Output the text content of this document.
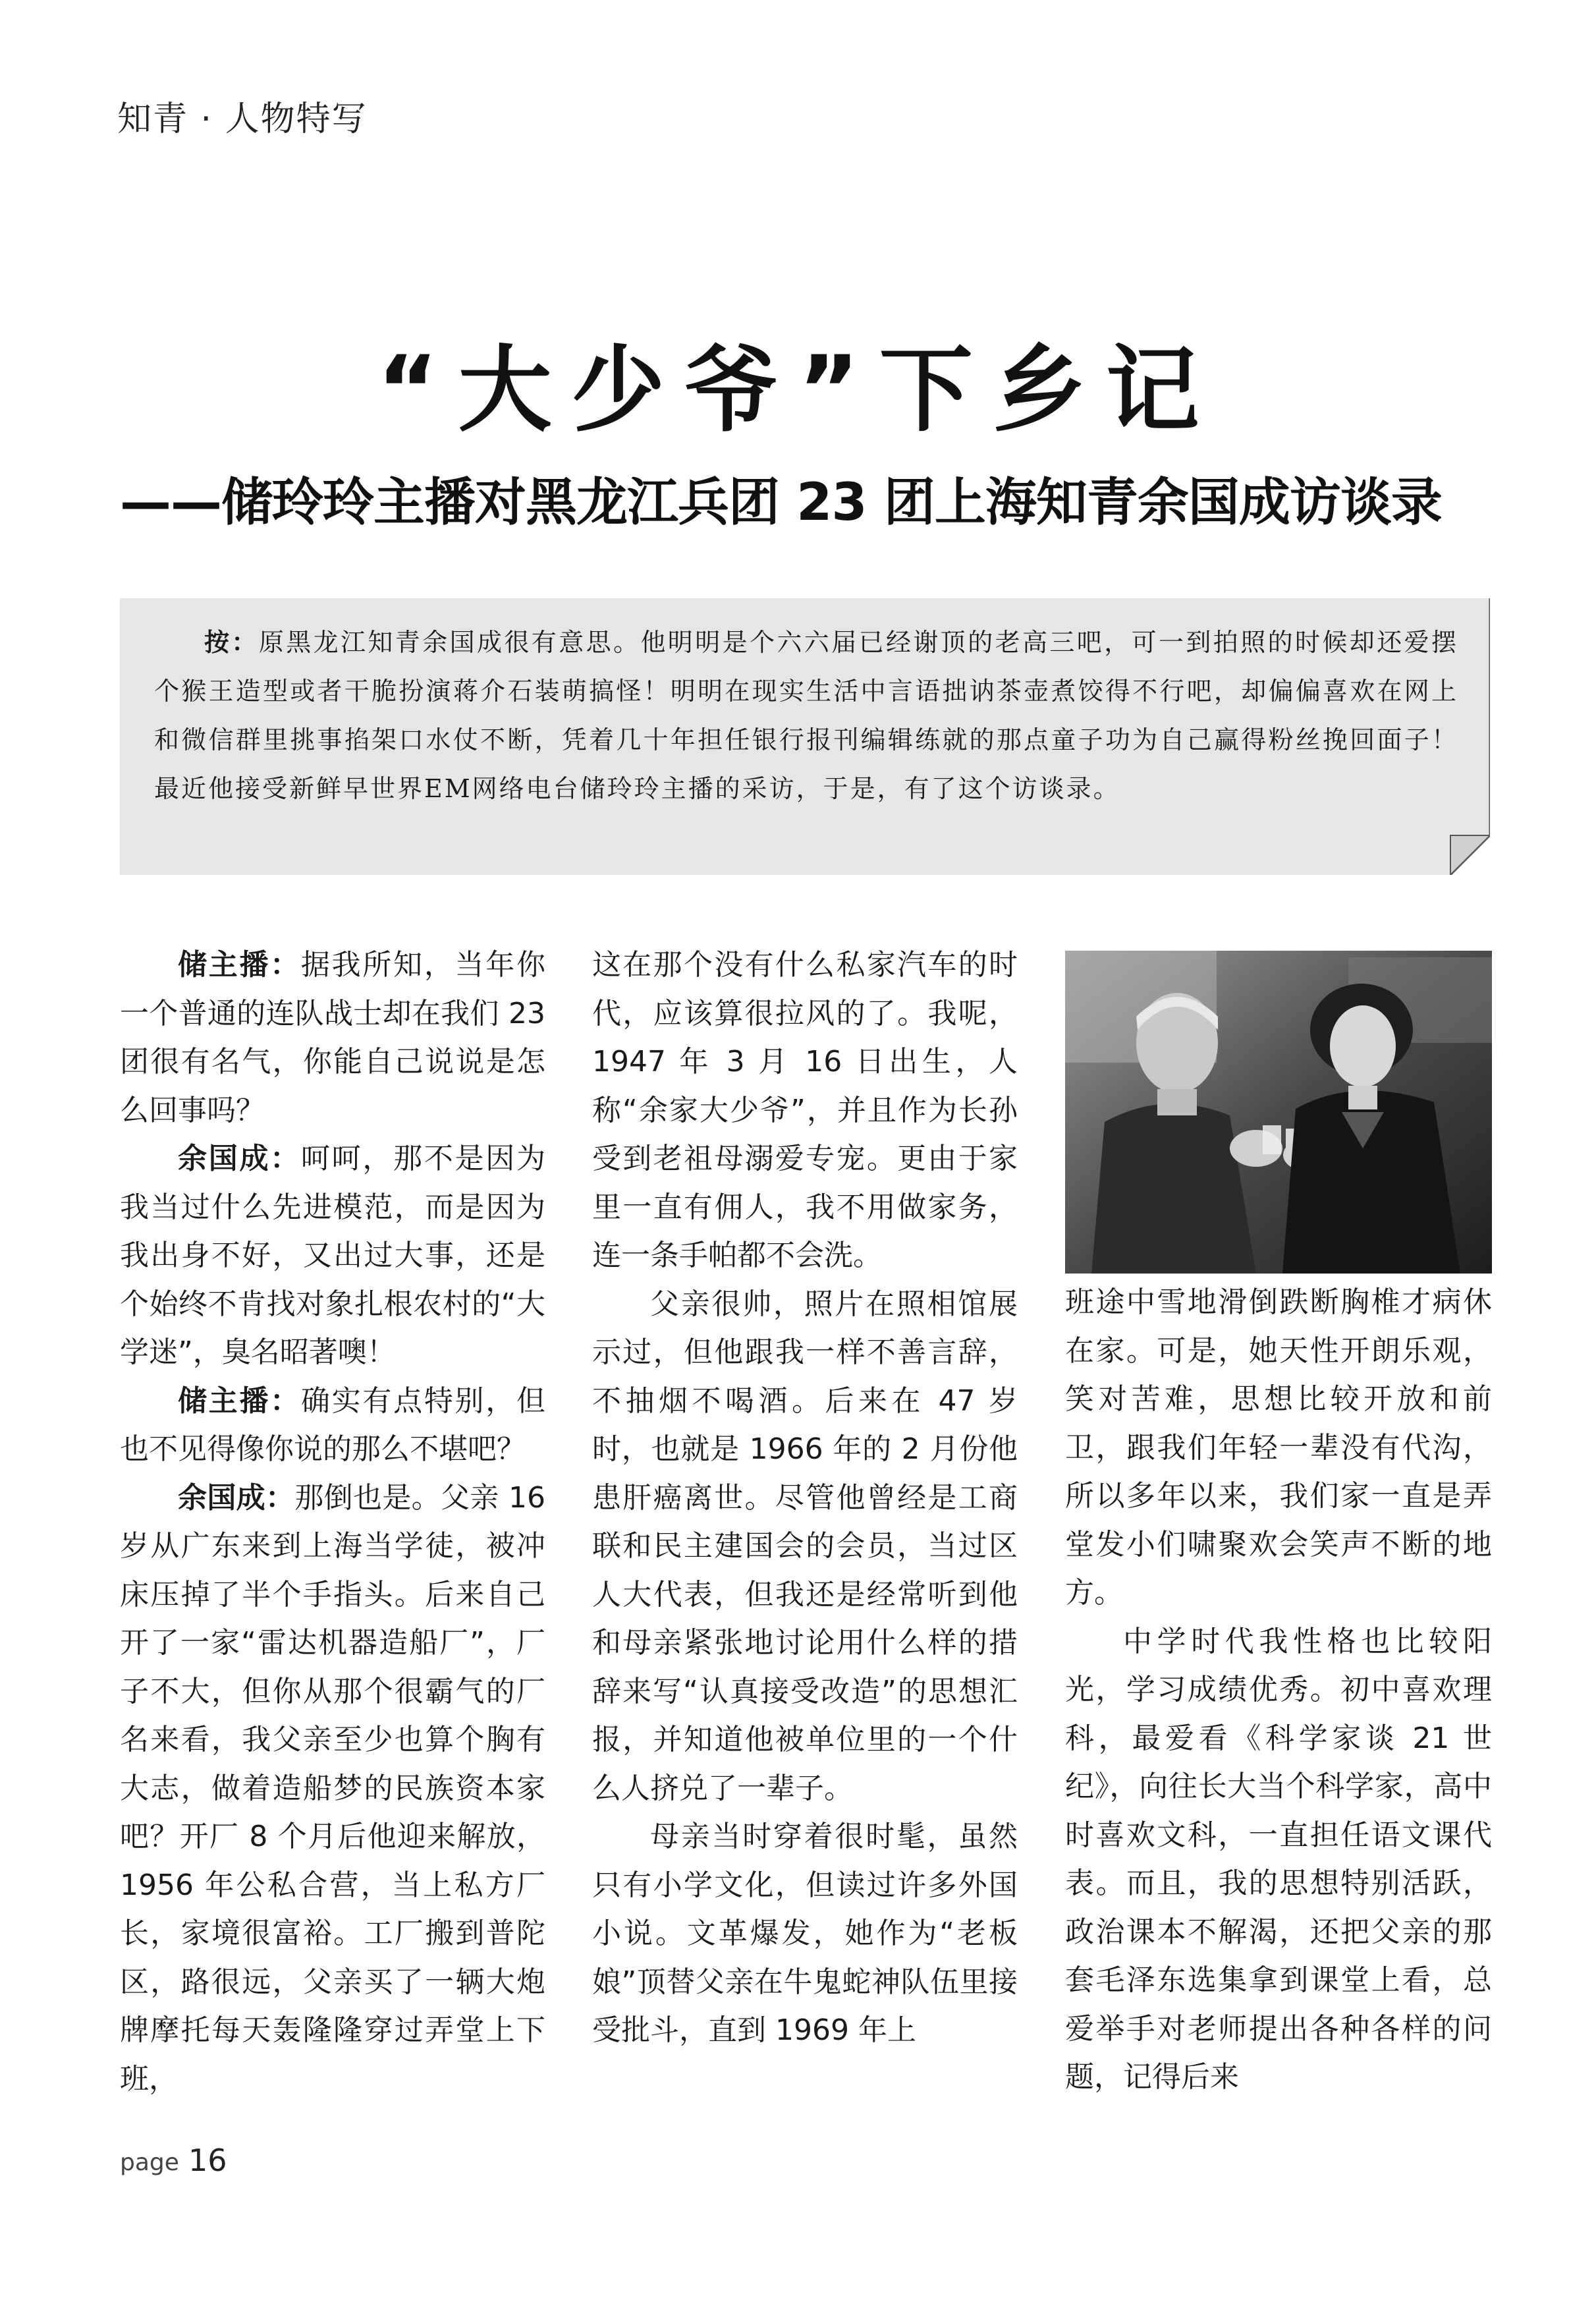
知青 · 人物特写
“大少爷”下乡记
——储玲玲主播对黑龙江兵团 23 团上海知青余国成访谈录
按：原黑龙江知青余国成很有意思。他明明是个六六届已经谢顶的老高三吧，可一到拍照的时候却还爱摆个猴王造型或者干脆扮演蒋介石装萌搞怪！明明在现实生活中言语拙讷茶壶煮饺得不行吧，却偏偏喜欢在网上和微信群里挑事掐架口水仗不断，凭着几十年担任银行报刊编辑练就的那点童子功为自己赢得粉丝挽回面子！最近他接受新鲜早世界EM网络电台储玲玲主播的采访，于是，有了这个访谈录。

储主播：据我所知，当年你一个普通的连队战士却在我们 23 团很有名气，你能自己说说是怎么回事吗？

余国成：呵呵，那不是因为我当过什么先进模范，而是因为我出身不好，又出过大事，还是个始终不肯找对象扎根农村的“大学迷”，臭名昭著噢！

储主播：确实有点特别，但也不见得像你说的那么不堪吧？

余国成：那倒也是。父亲 16 岁从广东来到上海当学徒，被冲床压掉了半个手指头。后来自己开了一家“雷达机器造船厂”，厂子不大，但你从那个很霸气的厂名来看，我父亲至少也算个胸有大志，做着造船梦的民族资本家吧？开厂 8 个月后他迎来解放，1956 年公私合营，当上私方厂长，家境很富裕。工厂搬到普陀区，路很远，父亲买了一辆大炮牌摩托每天轰隆隆穿过弄堂上下班，

这在那个没有什么私家汽车的时代，应该算很拉风的了。我呢，1947 年 3 月 16 日出生，人称“余家大少爷”，并且作为长孙受到老祖母溺爱专宠。更由于家里一直有佣人，我不用做家务，连一条手帕都不会洗。

父亲很帅，照片在照相馆展示过，但他跟我一样不善言辞，不抽烟不喝酒。后来在 47 岁时，也就是 1966 年的 2 月份他患肝癌离世。尽管他曾经是工商联和民主建国会的会员，当过区人大代表，但我还是经常听到他和母亲紧张地讨论用什么样的措辞来写“认真接受改造”的思想汇报，并知道他被单位里的一个什么人挤兑了一辈子。

母亲当时穿着很时髦，虽然只有小学文化，但读过许多外国小说。文革爆发，她作为“老板娘”顶替父亲在牛鬼蛇神队伍里接受批斗，直到 1969 年上

班途中雪地滑倒跌断胸椎才病休在家。可是，她天性开朗乐观，笑对苦难，思想比较开放和前卫，跟我们年轻一辈没有代沟，所以多年以来，我们家一直是弄堂发小们啸聚欢会笑声不断的地方。

中学时代我性格也比较阳光，学习成绩优秀。初中喜欢理科，最爱看《科学家谈 21 世纪》，向往长大当个科学家，高中时喜欢文科，一直担任语文课代表。而且，我的思想特别活跃，政治课本不解渴，还把父亲的那套毛泽东选集拿到课堂上看，总爱举手对老师提出各种各样的问题，记得后来

page 16
